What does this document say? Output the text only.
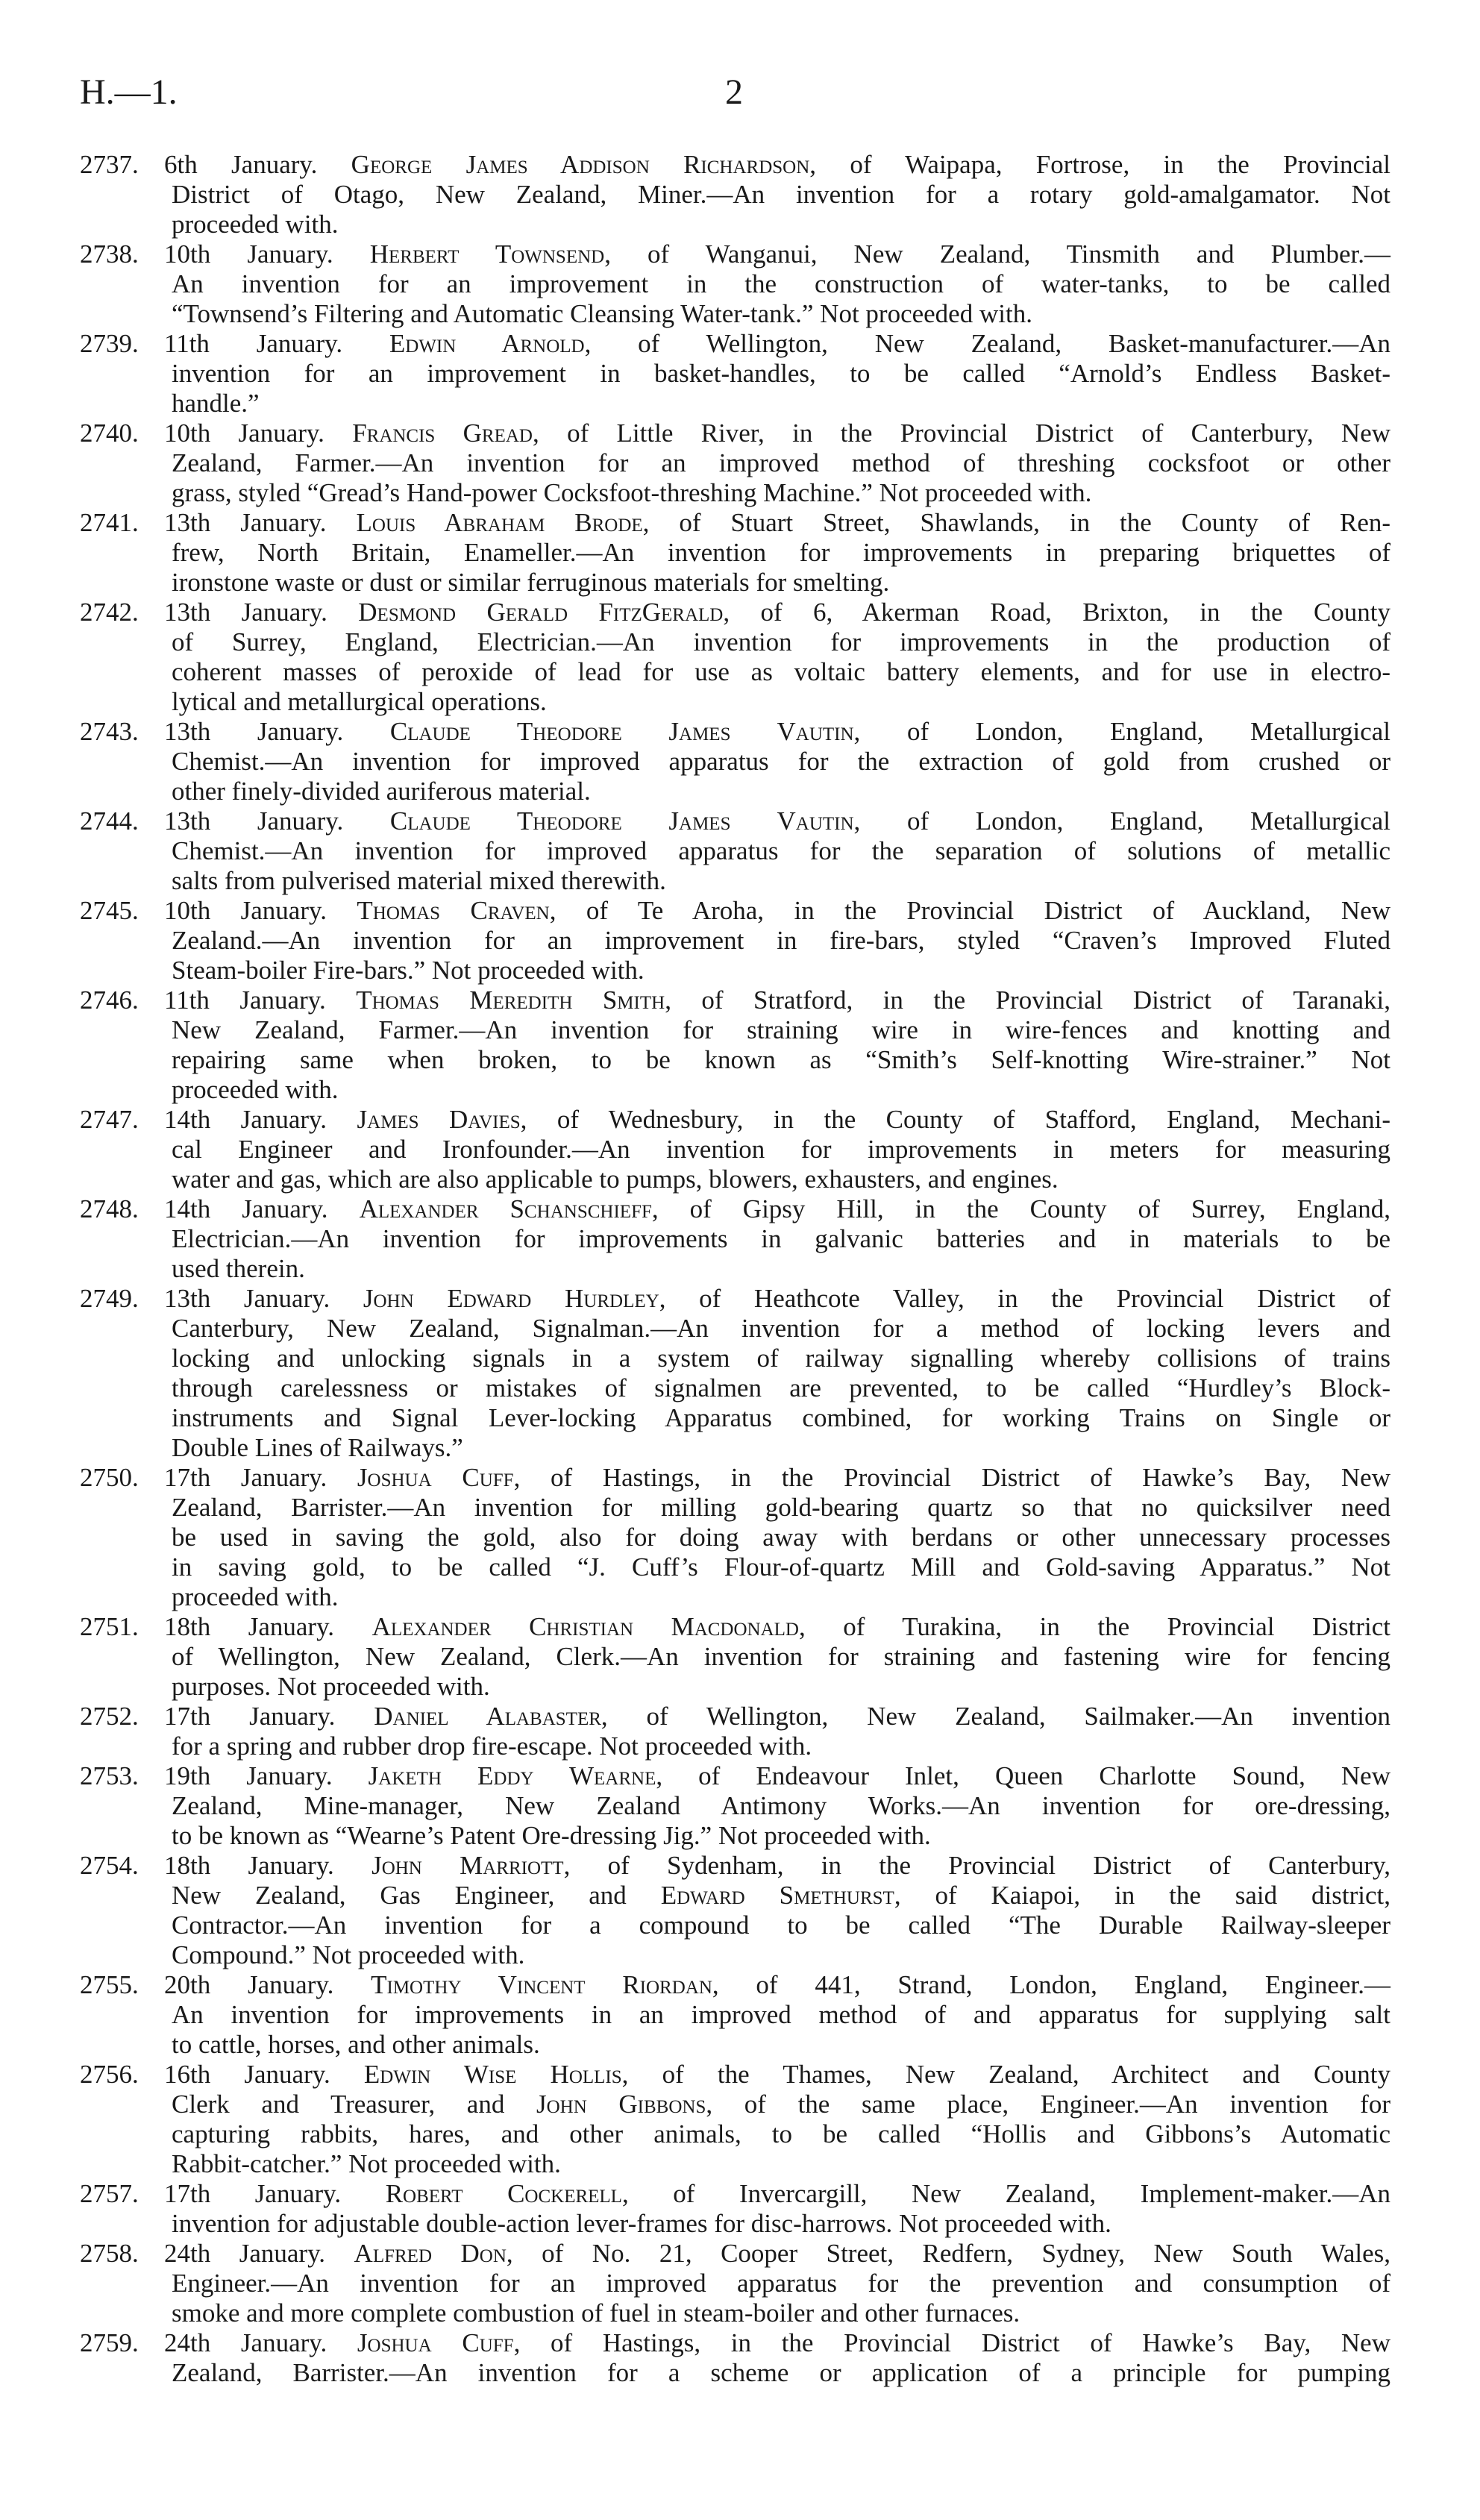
H.—1.	2
2737. 6th January. George James Addison Richardson, of Waipapa, Fortrose, in the Provincial
District of Otago, New Zealand, Miner.—An invention for a rotary gold-amalgamator. Not
proceeded with.
2738. 10th January. Herbert Townsend, of Wanganui, New Zealand, Tinsmith and Plumber.—
An invention for an improvement in the construction of water-tanks, to be called
“Townsend’s Filtering and Automatic Cleansing Water-tank.” Not proceeded with.
2739. 11th January. Edwin Arnold, of Wellington, New Zealand, Basket-manufacturer.—An
invention for an improvement in basket-handles, to be called “Arnold’s Endless Basket-
handle.”
2740. 10th January. Francis Gread, of Little River, in the Provincial District of Canterbury, New
Zealand, Farmer.—An invention for an improved method of threshing cocksfoot or other
grass, styled “Gread’s Hand-power Cocksfoot-threshing Machine.” Not proceeded with.
2741. 13th January. Louis Abraham Brode, of Stuart Street, Shawlands, in the County of Ren-
frew, North Britain, Enameller.—An invention for improvements in preparing briquettes of
ironstone waste or dust or similar ferruginous materials for smelting.
2742. 13th January. Desmond Gerald FitzGerald, of 6, Akerman Road, Brixton, in the County
of Surrey, England, Electrician.—An invention for improvements in the production of
coherent masses of peroxide of lead for use as voltaic battery elements, and for use in electro-
lytical and metallurgical operations.
2743. 13th January. Claude Theodore James Vautin, of London, England, Metallurgical
Chemist.—An invention for improved apparatus for the extraction of gold from crushed or
other finely-divided auriferous material.
2744. 13th January. Claude Theodore James Vautin, of London, England, Metallurgical
Chemist.—An invention for improved apparatus for the separation of solutions of metallic
salts from pulverised material mixed therewith.
2745. 10th January. Thomas Craven, of Te Aroha, in the Provincial District of Auckland, New
Zealand.—An invention for an improvement in fire-bars, styled “Craven’s Improved Fluted
Steam-boiler Fire-bars.” Not proceeded with.
2746. 11th January. Thomas Meredith Smith, of Stratford, in the Provincial District of Taranaki,
New Zealand, Farmer.—An invention for straining wire in wire-fences and knotting and
repairing same when broken, to be known as “Smith’s Self-knotting Wire-strainer.” Not
proceeded with.
2747. 14th January. James Davies, of Wednesbury, in the County of Stafford, England, Mechani-
cal Engineer and Ironfounder.—An invention for improvements in meters for measuring
water and gas, which are also applicable to pumps, blowers, exhausters, and engines.
2748. 14th January. Alexander Schanschieff, of Gipsy Hill, in the County of Surrey, England,
Electrician.—An invention for improvements in galvanic batteries and in materials to be
used therein.
2749. 13th January. John Edward Hurdley, of Heathcote Valley, in the Provincial District of
Canterbury, New Zealand, Signalman.—An invention for a method of locking levers and
locking and unlocking signals in a system of railway signalling whereby collisions of trains
through carelessness or mistakes of signalmen are prevented, to be called “Hurdley’s Block-
instruments and Signal Lever-locking Apparatus combined, for working Trains on Single or
Double Lines of Railways.”
2750. 17th January. Joshua Cuff, of Hastings, in the Provincial District of Hawke’s Bay, New
Zealand, Barrister.—An invention for milling gold-bearing quartz so that no quicksilver need
be used in saving the gold, also for doing away with berdans or other unnecessary processes
in saving gold, to be called “J. Cuff’s Flour-of-quartz Mill and Gold-saving Apparatus.” Not
proceeded with.
2751. 18th January. Alexander Christian Macdonald, of Turakina, in the Provincial District
of Wellington, New Zealand, Clerk.—An invention for straining and fastening wire for fencing
purposes. Not proceeded with.
2752. 17th January. Daniel Alabaster, of Wellington, New Zealand, Sailmaker.—An invention
for a spring and rubber drop fire-escape. Not proceeded with.
2753. 19th January. Jaketh Eddy Wearne, of Endeavour Inlet, Queen Charlotte Sound, New
Zealand, Mine-manager, New Zealand Antimony Works.—An invention for ore-dressing,
to be known as “Wearne’s Patent Ore-dressing Jig.” Not proceeded with.
2754. 18th January. John Marriott, of Sydenham, in the Provincial District of Canterbury,
New Zealand, Gas Engineer, and Edward Smethurst, of Kaiapoi, in the said district,
Contractor.—An invention for a compound to be called “The Durable Railway-sleeper
Compound.” Not proceeded with.
2755. 20th January. Timothy Vincent Riordan, of 441, Strand, London, England, Engineer.—
An invention for improvements in an improved method of and apparatus for supplying salt
to cattle, horses, and other animals.
2756. 16th January. Edwin Wise Hollis, of the Thames, New Zealand, Architect and County
Clerk and Treasurer, and John Gibbons, of the same place, Engineer.—An invention for
capturing rabbits, hares, and other animals, to be called “Hollis and Gibbons’s Automatic
Rabbit-catcher.” Not proceeded with.
2757. 17th January. Robert Cockerell, of Invercargill, New Zealand, Implement-maker.—An
invention for adjustable double-action lever-frames for disc-harrows. Not proceeded with.
2758. 24th January. Alfred Don, of No. 21, Cooper Street, Redfern, Sydney, New South Wales,
Engineer.—An invention for an improved apparatus for the prevention and consumption of
smoke and more complete combustion of fuel in steam-boiler and other furnaces.
2759. 24th January. Joshua Cuff, of Hastings, in the Provincial District of Hawke’s Bay, New
Zealand, Barrister.—An invention for a scheme or application of a principle for pumping
